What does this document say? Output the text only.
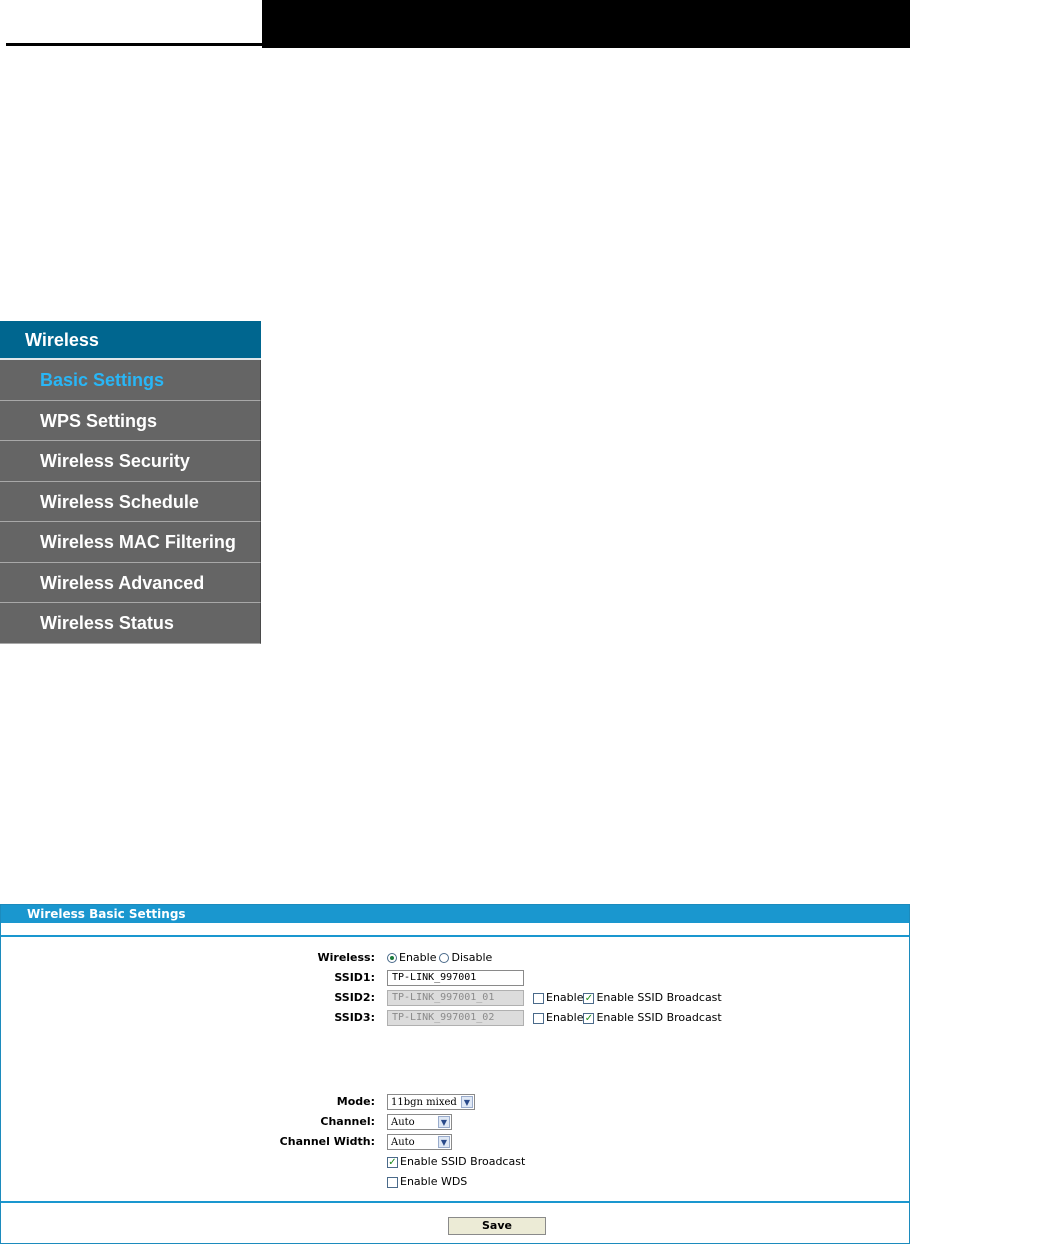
Wireless
Basic Settings
WPS Settings
Wireless Security
Wireless Schedule
Wireless MAC Filtering
Wireless Advanced
Wireless Status
Wireless Basic Settings
Wireless: Enable Disable
SSID1:	TP-LINK_997001
SSID2:	TP-LINK_997001_01	Enable ✓ Enable SSID Broadcast
SSID3:	TP-LINK_997001_02	Enable ✓ Enable SSID Broadcast
Mode: 11bgn mixed ▼
Channel: Auto	▼
Channel Width: Auto	▼
✓ Enable SSID Broadcast
Enable WDS
Save
